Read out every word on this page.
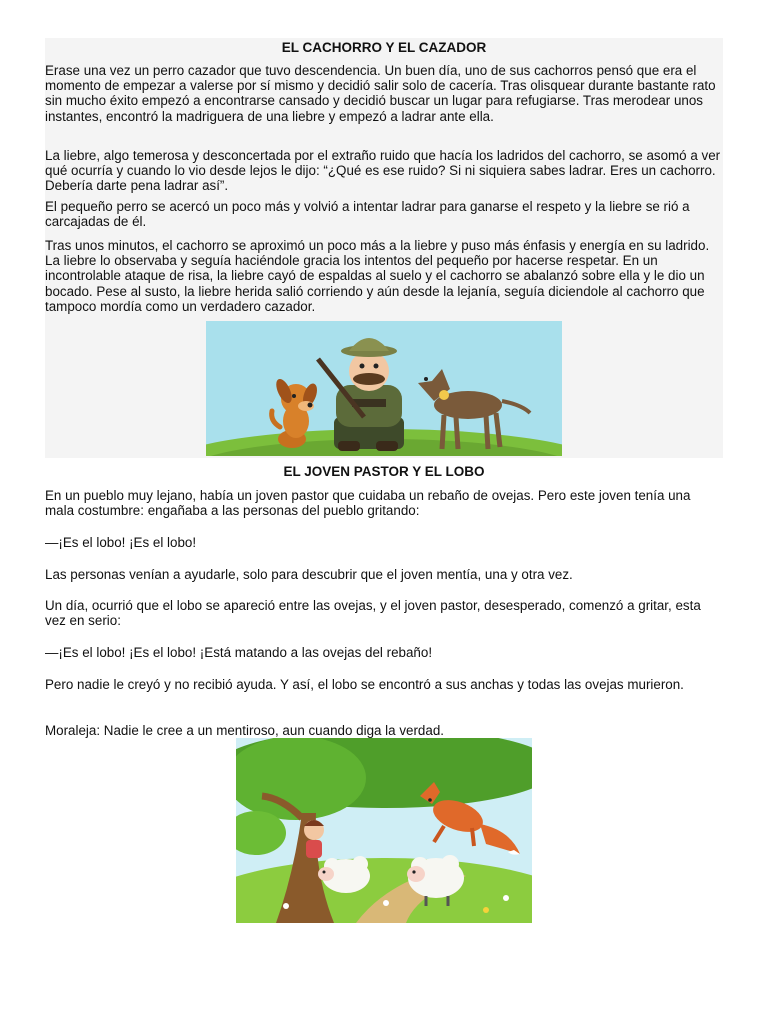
EL CACHORRO Y EL CAZADOR

Erase una vez un perro cazador que tuvo descendencia. Un buen día, uno de sus cachorros pensó que era el momento de empezar a valerse por sí mismo y decidió salir solo de cacería. Tras olisquear durante bastante rato sin mucho éxito empezó a encontrarse cansado y decidió buscar un lugar para refugiarse. Tras merodear unos instantes, encontró la madriguera de una liebre y empezó a ladrar ante ella.

La liebre, algo temerosa y desconcertada por el extraño ruido que hacía los ladridos del cachorro, se asomó a ver qué ocurría y cuando lo vio desde lejos le dijo: “¿Qué es ese ruido? Si ni siquiera sabes ladrar. Eres un cachorro. Debería darte pena ladrar así”.

El pequeño perro se acercó un poco más y volvió a intentar ladrar para ganarse el respeto y la liebre se rió a carcajadas de él.

Tras unos minutos, el cachorro se aproximó un poco más a la liebre y puso más énfasis y energía en su ladrido. La liebre lo observaba y seguía haciéndole gracia los intentos del pequeño por hacerse respetar. En un incontrolable ataque de risa, la liebre cayó de espaldas al suelo y el cachorro se abalanzó sobre ella y le dio un bocado. Pese al susto, la liebre herida salió corriendo y aún desde la lejanía, seguía diciendole al cachorro que tampoco mordía como un verdadero cazador.

EL JOVEN PASTOR Y EL LOBO

En un pueblo muy lejano, había un joven pastor que cuidaba un rebaño de ovejas. Pero este joven tenía una mala costumbre: engañaba a las personas del pueblo gritando:

—¡Es el lobo! ¡Es el lobo!

Las personas venían a ayudarle, solo para descubrir que el joven mentía, una y otra vez.

Un día, ocurrió que el lobo se apareció entre las ovejas, y el joven pastor, desesperado, comenzó a gritar, esta vez en serio:

—¡Es el lobo! ¡Es el lobo! ¡Está matando a las ovejas del rebaño!

Pero nadie le creyó y no recibió ayuda. Y así, el lobo se encontró a sus anchas y todas las ovejas murieron.

Moraleja: Nadie le cree a un mentiroso, aun cuando diga la verdad.
